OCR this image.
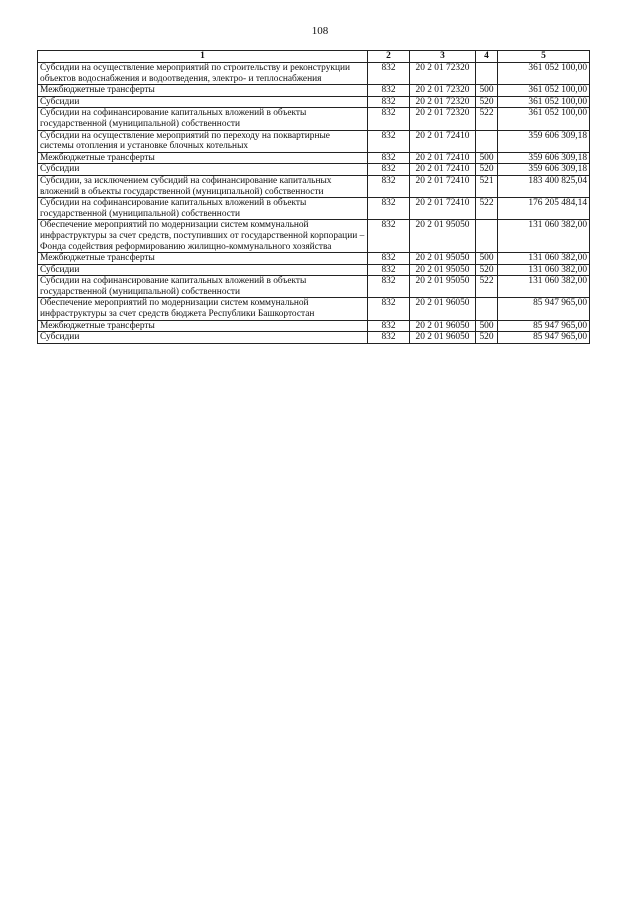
108
1	2	3	4	5
Субсидии на осуществление мероприятий по строительству и реконструкции объектов водоснабжения и водоотведения, электро- и теплоснабжения	832	20 2 01 72320		361 052 100,00
Межбюджетные трансферты	832	20 2 01 72320	500	361 052 100,00
Субсидии	832	20 2 01 72320	520	361 052 100,00
Субсидии на софинансирование капитальных вложений в объекты государственной (муниципальной) собственности	832	20 2 01 72320	522	361 052 100,00
Субсидии на осуществление мероприятий по переходу на поквартирные системы отопления и установке блочных котельных	832	20 2 01 72410		359 606 309,18
Межбюджетные трансферты	832	20 2 01 72410	500	359 606 309,18
Субсидии	832	20 2 01 72410	520	359 606 309,18
Субсидии, за исключением субсидий на софинансирование капитальных вложений в объекты государственной (муниципальной) собственности	832	20 2 01 72410	521	183 400 825,04
Субсидии на софинансирование капитальных вложений в объекты государственной (муниципальной) собственности	832	20 2 01 72410	522	176 205 484,14
Обеспечение мероприятий по модернизации систем коммунальной инфраструктуры за счет средств, поступивших от государственной корпорации – Фонда содействия реформированию жилищно-коммунального хозяйства	832	20 2 01 95050		131 060 382,00
Межбюджетные трансферты	832	20 2 01 95050	500	131 060 382,00
Субсидии	832	20 2 01 95050	520	131 060 382,00
Субсидии на софинансирование капитальных вложений в объекты государственной (муниципальной) собственности	832	20 2 01 95050	522	131 060 382,00
Обеспечение мероприятий по модернизации систем коммунальной инфраструктуры за счет средств бюджета Республики Башкортостан	832	20 2 01 96050		85 947 965,00
Межбюджетные трансферты	832	20 2 01 96050	500	85 947 965,00
Субсидии	832	20 2 01 96050	520	85 947 965,00
